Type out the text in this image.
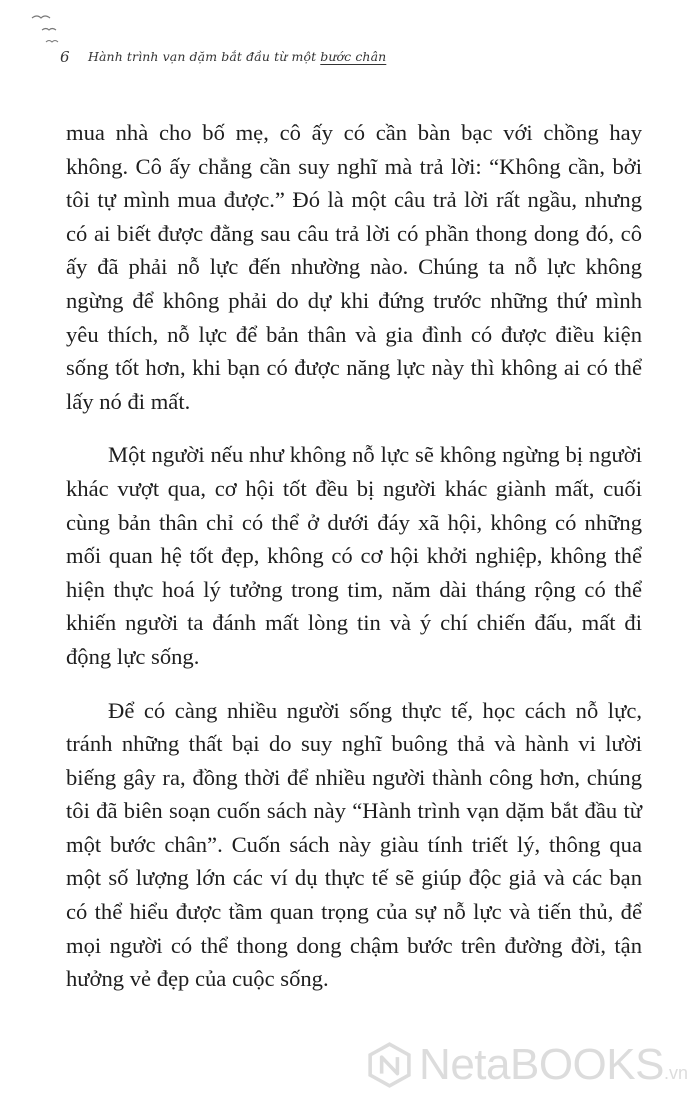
6 Hành trình vạn dặm bắt đầu từ một bước chân

mua nhà cho bố mẹ, cô ấy có cần bàn bạc với chồng hay không. Cô ấy chẳng cần suy nghĩ mà trả lời: “Không cần, bởi tôi tự mình mua được.” Đó là một câu trả lời rất ngầu, nhưng có ai biết được đằng sau câu trả lời có phần thong dong đó, cô ấy đã phải nỗ lực đến nhường nào. Chúng ta nỗ lực không ngừng để không phải do dự khi đứng trước những thứ mình yêu thích, nỗ lực để bản thân và gia đình có được điều kiện sống tốt hơn, khi bạn có được năng lực này thì không ai có thể lấy nó đi mất.

Một người nếu như không nỗ lực sẽ không ngừng bị người khác vượt qua, cơ hội tốt đều bị người khác giành mất, cuối cùng bản thân chỉ có thể ở dưới đáy xã hội, không có những mối quan hệ tốt đẹp, không có cơ hội khởi nghiệp, không thể hiện thực hoá lý tưởng trong tim, năm dài tháng rộng có thể khiến người ta đánh mất lòng tin và ý chí chiến đấu, mất đi động lực sống.

Để có càng nhiều người sống thực tế, học cách nỗ lực, tránh những thất bại do suy nghĩ buông thả và hành vi lười biếng gây ra, đồng thời để nhiều người thành công hơn, chúng tôi đã biên soạn cuốn sách này “Hành trình vạn dặm bắt đầu từ một bước chân”. Cuốn sách này giàu tính triết lý, thông qua một số lượng lớn các ví dụ thực tế sẽ giúp độc giả và các bạn có thể hiểu được tầm quan trọng của sự nỗ lực và tiến thủ, để mọi người có thể thong dong chậm bước trên đường đời, tận hưởng vẻ đẹp của cuộc sống.

NetaBOOKS.vn
